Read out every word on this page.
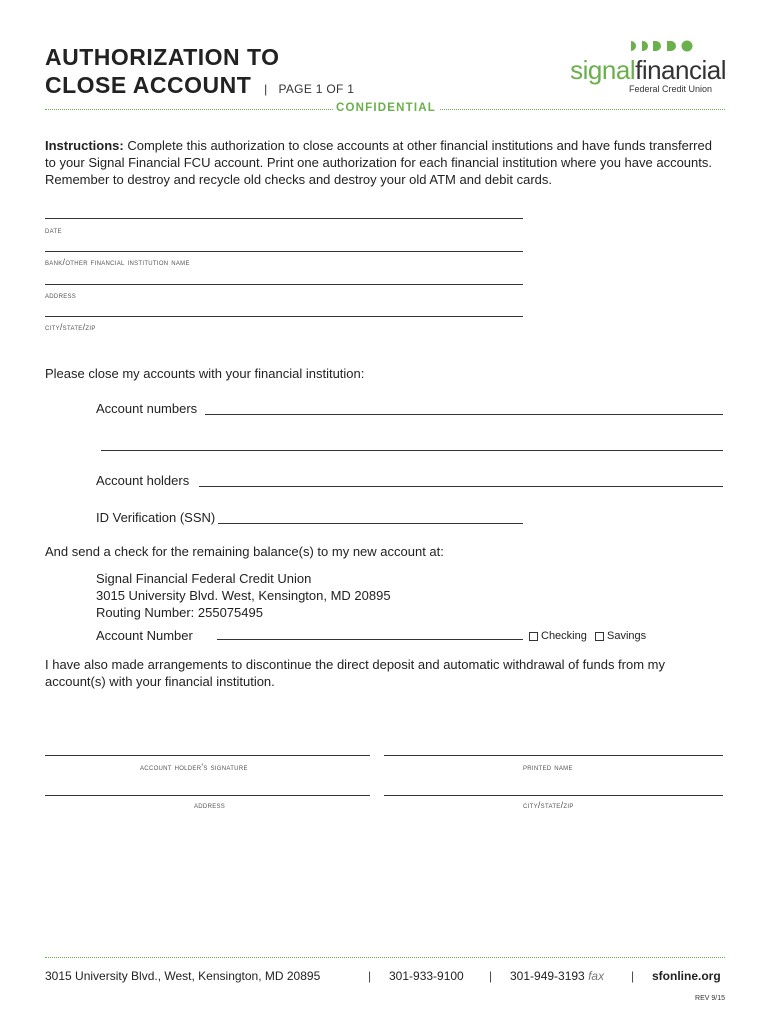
AUTHORIZATION TO
CLOSE ACCOUNT | PAGE 1 OF 1
signalfinancial
Federal Credit Union
CONFIDENTIAL
Instructions: Complete this authorization to close accounts at other financial institutions and have funds transferred to your Signal Financial FCU account. Print one authorization for each financial institution where you have accounts. Remember to destroy and recycle old checks and destroy your old ATM and debit cards.
date
bank/other financial institution name
address
city/state/zip
Please close my accounts with your financial institution:
Account numbers
Account holders
ID Verification (SSN)
And send a check for the remaining balance(s) to my new account at:
Signal Financial Federal Credit Union
3015 University Blvd. West, Kensington, MD 20895
Routing Number: 255075495
Account Number	Checking	Savings
I have also made arrangements to discontinue the direct deposit and automatic withdrawal of funds from my account(s) with your financial institution.
account holder's signature	printed name
address	city/state/zip
3015 University Blvd., West, Kensington, MD 20895	| 301-933-9100 | 301-949-3193 fax | sfonline.org
REV 9/15
